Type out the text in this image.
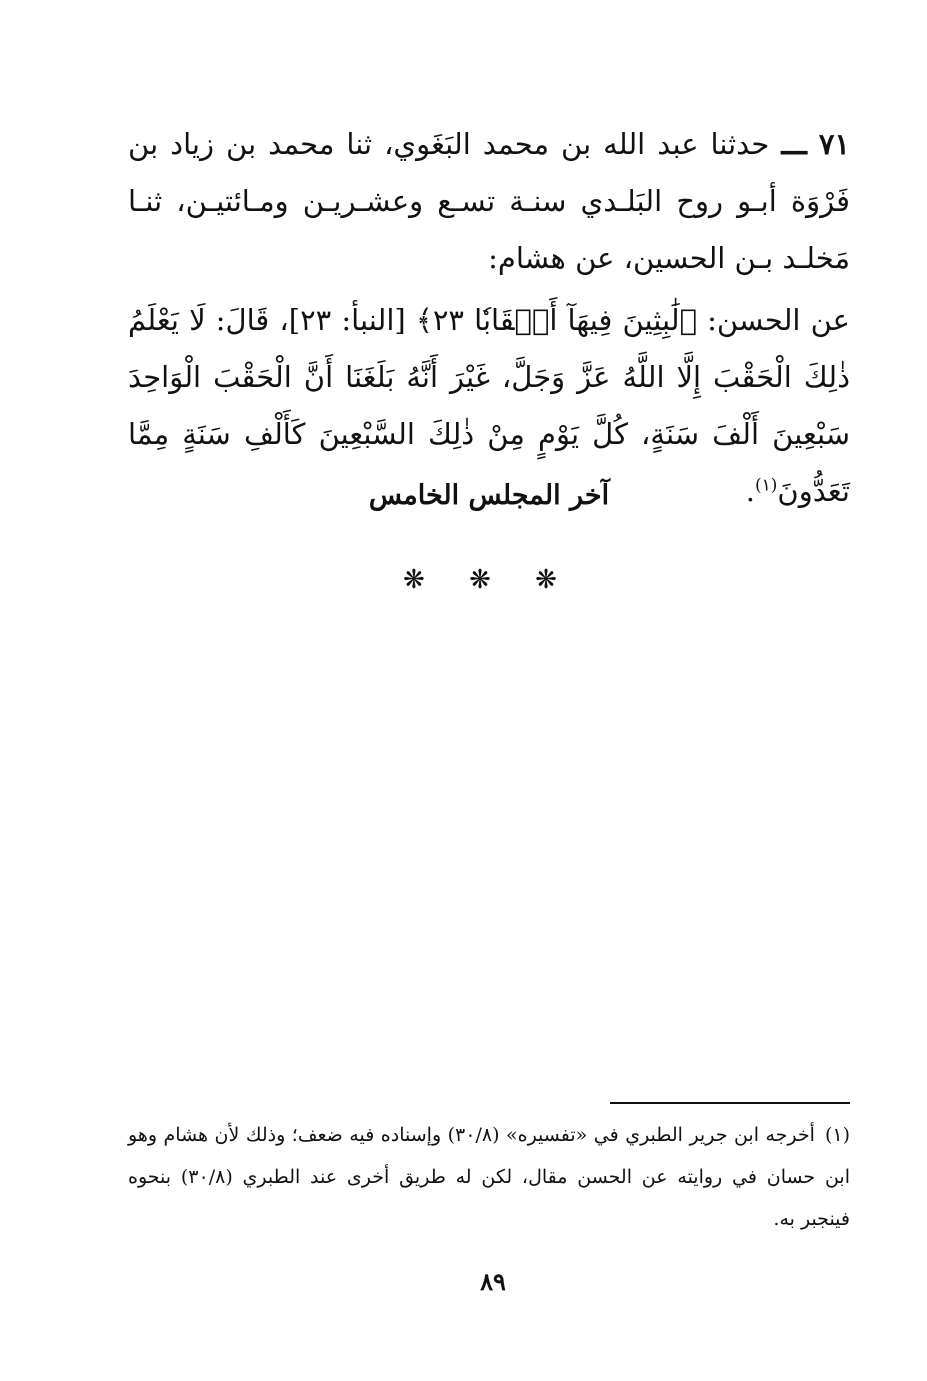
٧١ ـــ حدثنا عبد الله بن محمد البَغَوي، ثنا محمد بن زياد بن فَرْوَة أبـو روح البَلـدي سنـة تسـع وعشـريـن ومـائتيـن، ثنـا مَخلـد بـن الحسين، عن هشام:
عن الحسن: ﴿لَٰبِثِينَ فِيهَآ أَحۡقَابٗا ٢٣﴾ [النبأ: ٢٣]، قَالَ: لَا يَعْلَمُ ذٰلِكَ الْحَقْبَ إِلَّا اللَّهُ عَزَّ وَجَلَّ، غَيْرَ أَنَّهُ بَلَغَنَا أَنَّ الْحَقْبَ الْوَاحِدَ سَبْعِينَ أَلْفَ سَنَةٍ، كُلَّ يَوْمٍ مِنْ ذٰلِكَ السَّبْعِينَ كَأَلْفِ سَنَةٍ مِمَّا تَعَدُّونَ$^{(١)}$.
آخر المجلس الخامس
❋ ❋ ❋
(١)أخرجه ابن جرير الطبري في «تفسيره» (٣٠/٨) وإسناده فيه ضعف؛ وذلك لأن هشام وهو ابن حسان في روايته عن الحسن مقال، لكن له طريق أخرى عند الطبري (٣٠/٨) بنحوه فينجبر به.
٨٩
